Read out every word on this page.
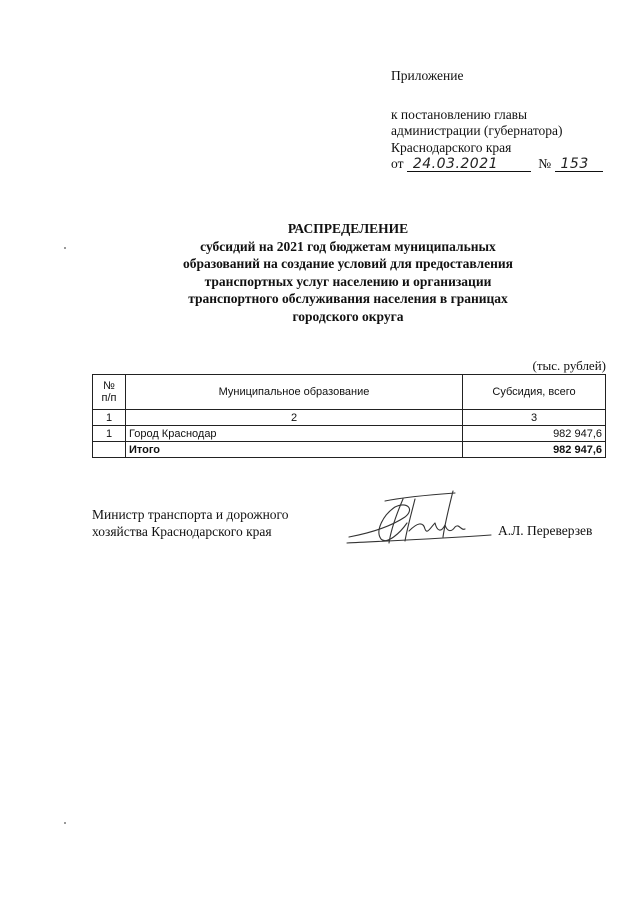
Приложение
к постановлению главы
администрации (губернатора)
Краснодарского края
от 24.03.2021	№ 153
РАСПРЕДЕЛЕНИЕ
субсидий на 2021 год бюджетам муниципальных
образований на создание условий для предоставления
транспортных услуг населению и организации
транспортного обслуживания населения в границах
городского округа
(тыс. рублей)
№
п/п	Муниципальное образование	Субсидия, всего
1	2	3
1	Город Краснодар	982 947,6
	Итого	982 947,6
Министр транспорта и дорожного
хозяйства Краснодарского края	А.Л. Переверзев
